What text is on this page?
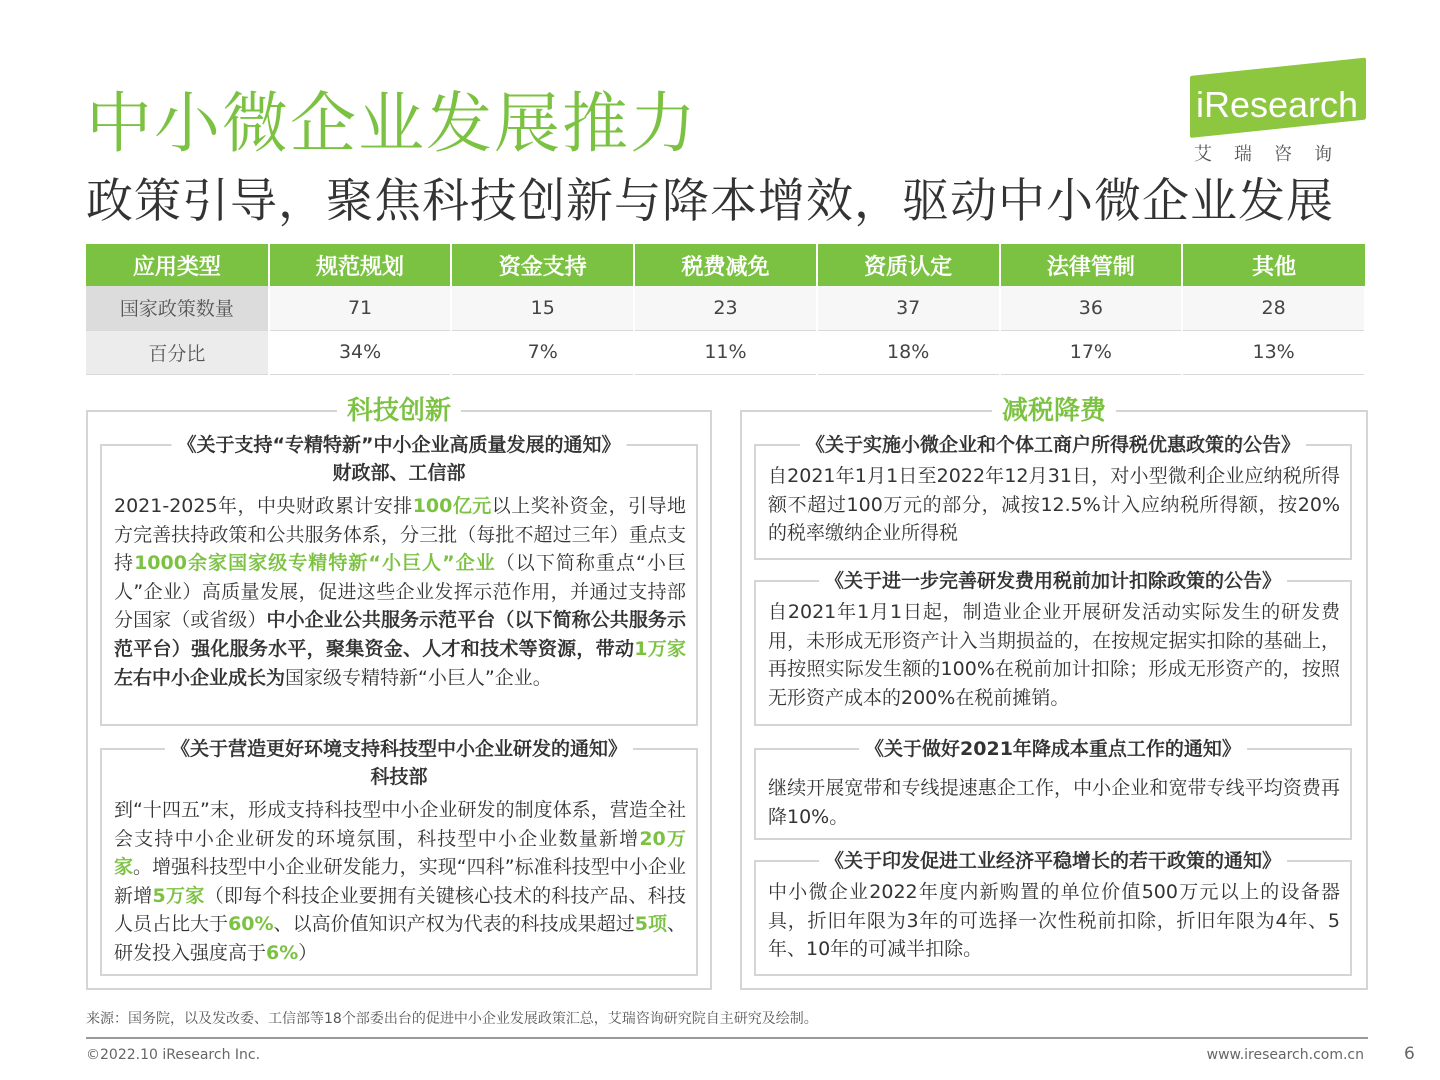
中小微企业发展推力
政策引导，聚焦科技创新与降本增效，驱动中小微企业发展
iResearch
艾瑞咨询
应用类型	规范规划	资金支持	税费减免	资质认定	法律管制	其他
国家政策数量	71	15	23	37	36	28
百分比	34%	7%	11%	18%	17%	13%
科技创新
《关于支持“专精特新”中小企业高质量发展的通知》
财政部、工信部
2021-2025年，中央财政累计安排100亿元以上奖补资金，引导地方完善扶持政策和公共服务体系，分三批（每批不超过三年）重点支持1000余家国家级专精特新“小巨人”企业（以下简称重点“小巨人”企业）高质量发展，促进这些企业发挥示范作用，并通过支持部分国家（或省级）中小企业公共服务示范平台（以下简称公共服务示范平台）强化服务水平，聚集资金、人才和技术等资源，带动1万家左右中小企业成长为国家级专精特新“小巨人”企业。
《关于营造更好环境支持科技型中小企业研发的通知》
科技部
到“十四五”末，形成支持科技型中小企业研发的制度体系，营造全社会支持中小企业研发的环境氛围，科技型中小企业数量新增20万家。增强科技型中小企业研发能力，实现“四科”标准科技型中小企业新增5万家（即每个科技企业要拥有关键核心技术的科技产品、科技人员占比大于60%、以高价值知识产权为代表的科技成果超过5项、研发投入强度高于6%）
减税降费
《关于实施小微企业和个体工商户所得税优惠政策的公告》
自2021年1月1日至2022年12月31日，对小型微利企业应纳税所得额不超过100万元的部分，减按12.5%计入应纳税所得额，按20%的税率缴纳企业所得税
《关于进一步完善研发费用税前加计扣除政策的公告》
自2021年1月1日起，制造业企业开展研发活动实际发生的研发费用，未形成无形资产计入当期损益的，在按规定据实扣除的基础上，再按照实际发生额的100%在税前加计扣除；形成无形资产的，按照无形资产成本的200%在税前摊销。
《关于做好2021年降成本重点工作的通知》
继续开展宽带和专线提速惠企工作，中小企业和宽带专线平均资费再降10%。
《关于印发促进工业经济平稳增长的若干政策的通知》
中小微企业2022年度内新购置的单位价值500万元以上的设备器具，折旧年限为3年的可选择一次性税前扣除，折旧年限为4年、5年、10年的可减半扣除。
来源：国务院，以及发改委、工信部等18个部委出台的促进中小企业发展政策汇总，艾瑞咨询研究院自主研究及绘制。
©2022.10 iResearch Inc.	www.iresearch.com.cn 6
